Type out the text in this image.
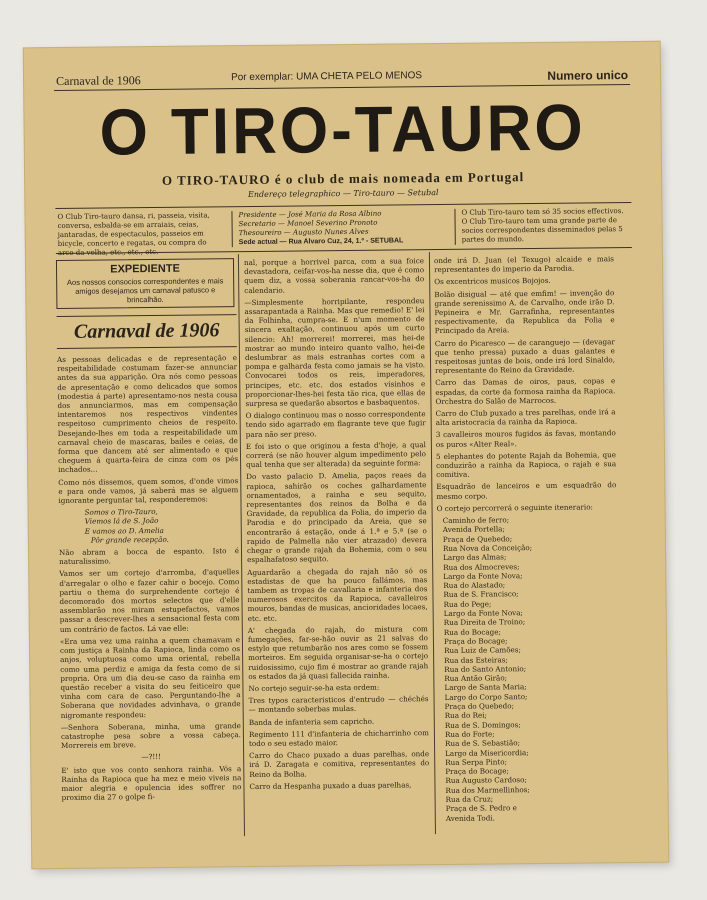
Carnaval de 1906	Por exemplar: UMA CHETA PELO MENOS	Numero unico
O TIRO-TAURO
O TIRO-TAURO é o club de mais nomeada em Portugal
Endereço telegraphico — Tiro-tauro — Setubal
O Club Tiro-tauro dansa, ri, passeia, visita, conversa, esbalda-se em arraiais, ceias, jantaradas, de espectaculos, passeios em bicycle, concerto e regatas, ou compra do arco da velha, etc., etc., etc.
Presidente — José Maria da Rosa Albino
Secretario — Manoel Severino Pronoto
Thesoureiro — Augusto Nunes Alves
Sede actual — Rua Alvaro Cuz, 24, 1.º - SETUBAL
O Club Tiro-tauro tem só 35 socios effectivos. O Club Tiro-tauro tem uma grande parte de socios correspondentes disseminados pelas 5 partes do mundo.
EXPEDIENTE

Aos nossos consocios correspondentes e mais amigos desejamos um carnaval patusco e brincalhão.

Carnaval de 1906

As pessoas delicadas e de representação e respeitabilidade costumam fazer-se annunciar antes da sua apparição. Ora nós como pessoas de apresentação e como delicados que somos (modestia á parte) apresentamo-nos nesta cousa dos annunciarmos, mas em compensação intentaremos nos respectivos vindentes respeitoso cumprimento cheios de respeito. Desejando-lhes em toda a respeitabilidade um carnaval cheio de mascaras, bailes e ceias, de forma que dancem até ser alimentado e que cheguem á quarta-feira de cinza com os pés inchados...

Como nós dissemos, quem somos, d'onde vimos e para onde vamos, já saberá mas se alguem ignorante perguntar tal, responderemos:

Somos o Tiro-Tauro,
Viemos lá de S. João
E vamos ao D. Amelia
Pôr grande recepção.

Não abram a bocca de espanto. Isto é naturalissimo.

Vamos ser um cortejo d'arromba, d'aquelles d'arregalar o olho e fazer cahir o bocejo. Como partiu o thema do surprehendente cortejo é decomorado dos mortos selectos que d'elle assemblarão nos miram estupefactos, vamos passar a descrever-lhes a sensacional festa com um contrário de factos. Lá vae elle:

«Era uma vez uma rainha a quem chamavam e com justiça a Rainha da Rapioca, linda como os anjos, voluptuosa como uma oriental, rebella como uma perdiz e amiga da festa como de si propria. Ora um dia deu-se caso da rainha em questão receber a visita do seu feiticeiro que vinha com cara de caso. Perguntando-lhe a Soberana que novidades advinhava, o grande nigromante respondeu:

—Senhora Soberana, minha, uma grande catastrophe pesa sobre a vossa cabeça. Morrereis em breve.

—?!!!

E' isto que vos conto senhora rainha. Vós a Rainha da Rapioca que ha mez e meio viveis na maior alegria e opulencia ides soffrer no proximo dia 27 o golpe fi-

nal, porque a horrivel parca, com a sua foice devastadora, ceifar-vos-ha nesse dia, que é como quem diz, a vossa soberania rancar-vos-ha do calendario.

—Simplesmente horripilante, respondeu assarapantada a Rainha. Mas que remedio! E' lei da Folhinha, cumpra-se. E n'um momento de sincera exaltação, continuou após um curto silencio: Ah! morrerei! morrerei, mas hei-de mostrar ao mundo inteiro quanto valho, hei-de deslumbrar as mais estranhas cortes com a pompa e galharda festa como jamais se ha visto. Convocarei todos os reis, imperadores, principes, etc. etc. dos estados visinhos e proporcionar-lhes-hei festa tão rica, que ellas de surpresa se quedarão absortos e basbaquentos.

O dialogo continuou mas o nosso correspondente tendo sido agarrado em flagrante teve que fugir para não ser preso.

E foi isto o que originou a festa d'hoje, a qual correrá (se não houver algum impedimento pelo qual tenha que ser alterada) da seguinte forma:

Do vasto palacio D. Amelia, paços reaes da rapioca, sahirão os coches galhardamente ornamentados, a rainha e seu sequito, representantes dos reinos da Bolha e da Gravidade, da republica da Folia, do imperio da Parodia e do principado da Areia, que se encontrarão á estação, onde á 1.ª e 5.ª (se o rapido de Palmella não vier atrazado) devera chegar o grande rajah da Bohemia, com o seu espalhafatoso sequito.

Aguardarão a chegada do rajah não só os estadistas de que ha pouco fallámos, mas tambem as tropas de cavallaria e infanteria dos numerosos exercitos da Rapioca, cavalleiros mouros, bandas de musicas, ancioridades locaes, etc. etc.

A' chegada do rajah, do mistura com fumegações, far-se-hão ouvir as 21 salvas do estylo que retumbarão nos ares como se fossem morteiros. Em seguida organisar-se-ha o cortejo ruidosissimo, cujo fim é mostrar ao grande rajah os estados da já quasi fallecida rainha.

No cortejo seguir-se-ha esta ordem:

Tres typos caracteristicos d'entrudo — chéchés — montando soberbas mulas.

Banda de infanteria sem capricho.

Regimento 111 d'infanteria de chicharrinho com todo o seu estado maior.

Carro do Chaco puxado a duas parelhas, onde irá D. Zaragata e comitiva, representantes do Reino da Bolha.

Carro da Hespanha puxado a duas parelhas,

onde irá D. Juan (el Texugo) alcaide e mais representantes do imperio da Parodia.

Os excentricos musicos Bojojos.

Bolão disigual — até que emfim! — invenção do grande serenissimo A. de Carvalho, onde irão D. Pepineira e Mr. Garrafinha, representantes respectivamente, da Republica da Folia e Principado da Areia.

Carro do Picaresco — de caranguejo — (devagar que tenho pressa) puxado a duas galantes e respeitosas juntas de bois, onde irá lord Sinaldo, representante do Reino da Gravidade.

Carro das Damas de oiros, paus, copas e espadas, da corte da formosa rainha da Rapioca. Orchestra do Salão de Marrocos.

Carro do Club puxado a tres parelhas, onde irá a alta aristocracia da rainha da Rapioca.

3 cavalleiros mouros fugidos ás favas, montando os puros «Alter Real».

5 elephantes do potente Rajah da Bohemia, que conduzirão a rainha da Rapioca, o rajah e sua comitiva.

Esquadrão de lanceiros e um esquadrão do mesmo corpo.

O cortejo percorrerá o seguinte itenerario:

Caminho de ferro;
Avenida Portella;
Praça de Quebedo;
Rua Nova da Conceição;
Largo das Almas;
Rua dos Almocreves;
Largo da Fonte Nova;
Rua do Alastado;
Rua de S. Francisco;
Rua do Pege;
Largo da Fonte Nova;
Rua Direita de Troino;
Rua do Bocage;
Praça do Bocage;
Rua Luiz de Camões;
Rua das Esteiras;
Rua do Santo Antonio;
Rua Antão Girão;
Largo de Santa Maria;
Largo do Corpo Santo;
Praça do Quebedo;
Rua do Rei;
Rua de S. Domingos;
Rua do Forte;
Rua de S. Sebastião;
Largo da Misericordia;
Rua Serpa Pinto;
Praça do Bocage;
Rua Augusto Cardoso;
Rua dos Marmellinhos;
Rua da Cruz;
Praça de S. Pedro e
Avenida Todi.
